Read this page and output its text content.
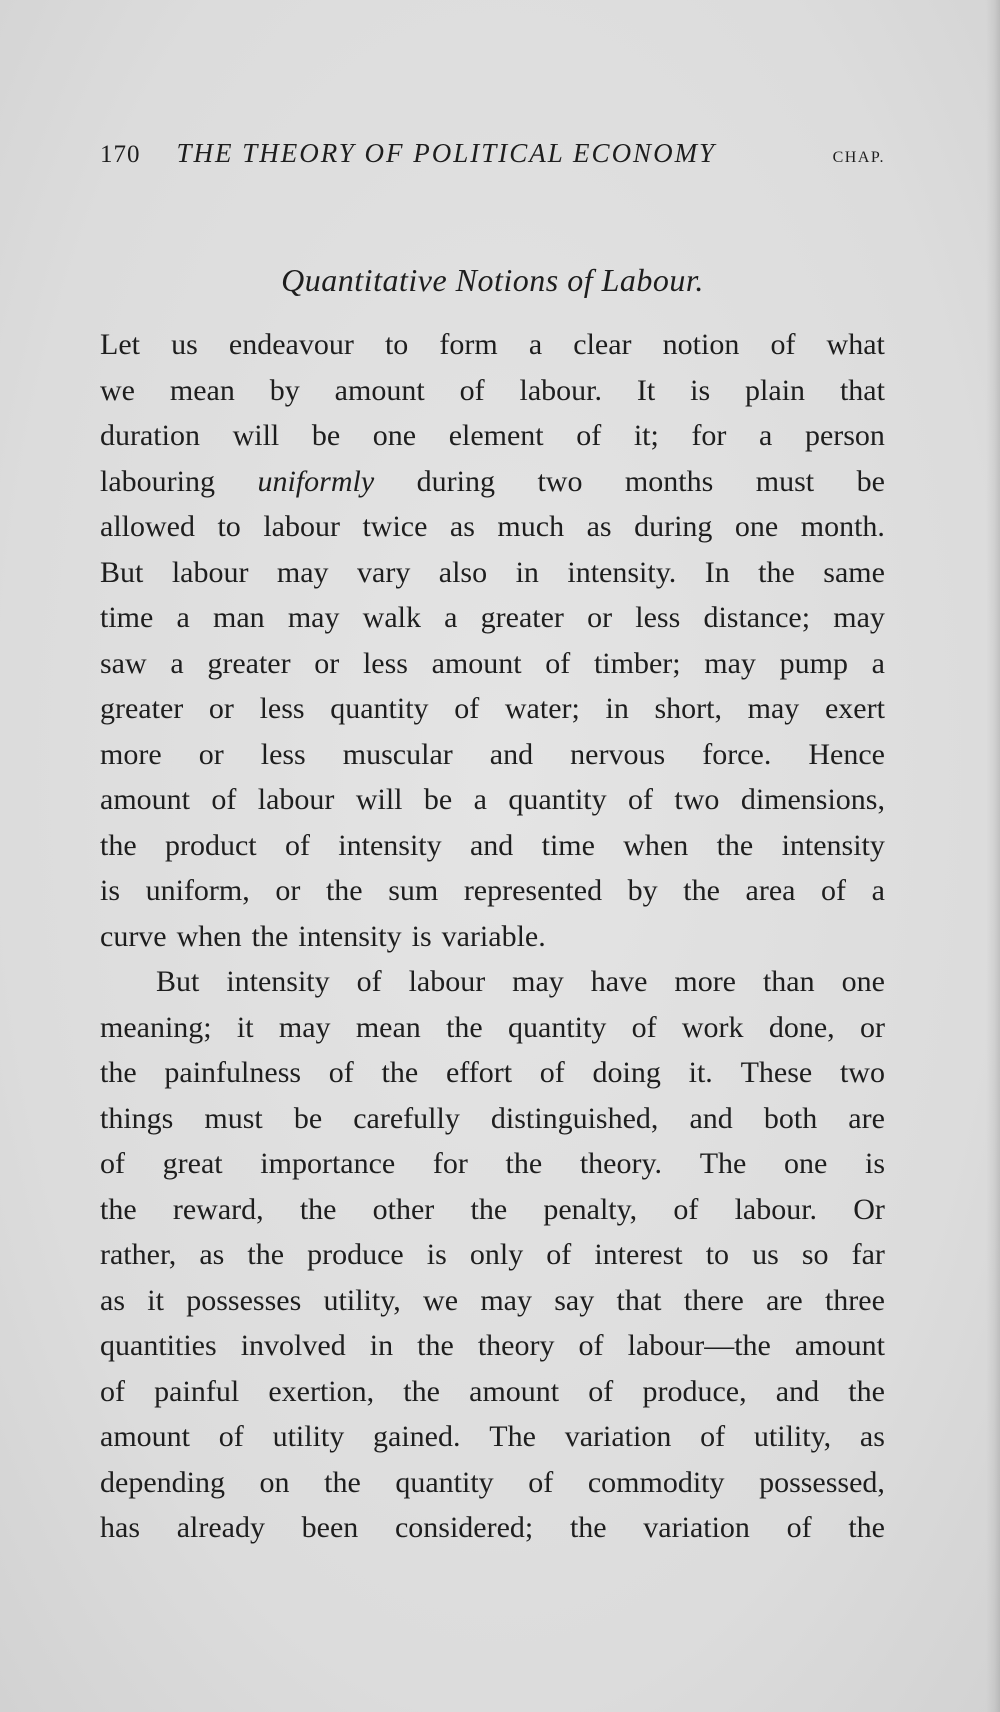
170 THE THEORY OF POLITICAL ECONOMY	CHAP.
Quantitative Notions of Labour.
Let us endeavour to form a clear notion of what
we mean by amount of labour. It is plain that
duration will be one element of it; for a person
labouring uniformly during two months must be
allowed to labour twice as much as during one month.
But labour may vary also in intensity. In the same
time a man may walk a greater or less distance; may
saw a greater or less amount of timber; may pump a
greater or less quantity of water; in short, may exert
more or less muscular and nervous force. Hence
amount of labour will be a quantity of two dimensions,
the product of intensity and time when the intensity
is uniform, or the sum represented by the area of a
curve when the intensity is variable.
But intensity of labour may have more than one
meaning; it may mean the quantity of work done, or
the painfulness of the effort of doing it. These two
things must be carefully distinguished, and both are
of great importance for the theory. The one is
the reward, the other the penalty, of labour. Or
rather, as the produce is only of interest to us so far
as it possesses utility, we may say that there are three
quantities involved in the theory of labour—the amount
of painful exertion, the amount of produce, and the
amount of utility gained. The variation of utility, as
depending on the quantity of commodity possessed,
has already been considered; the variation of the
